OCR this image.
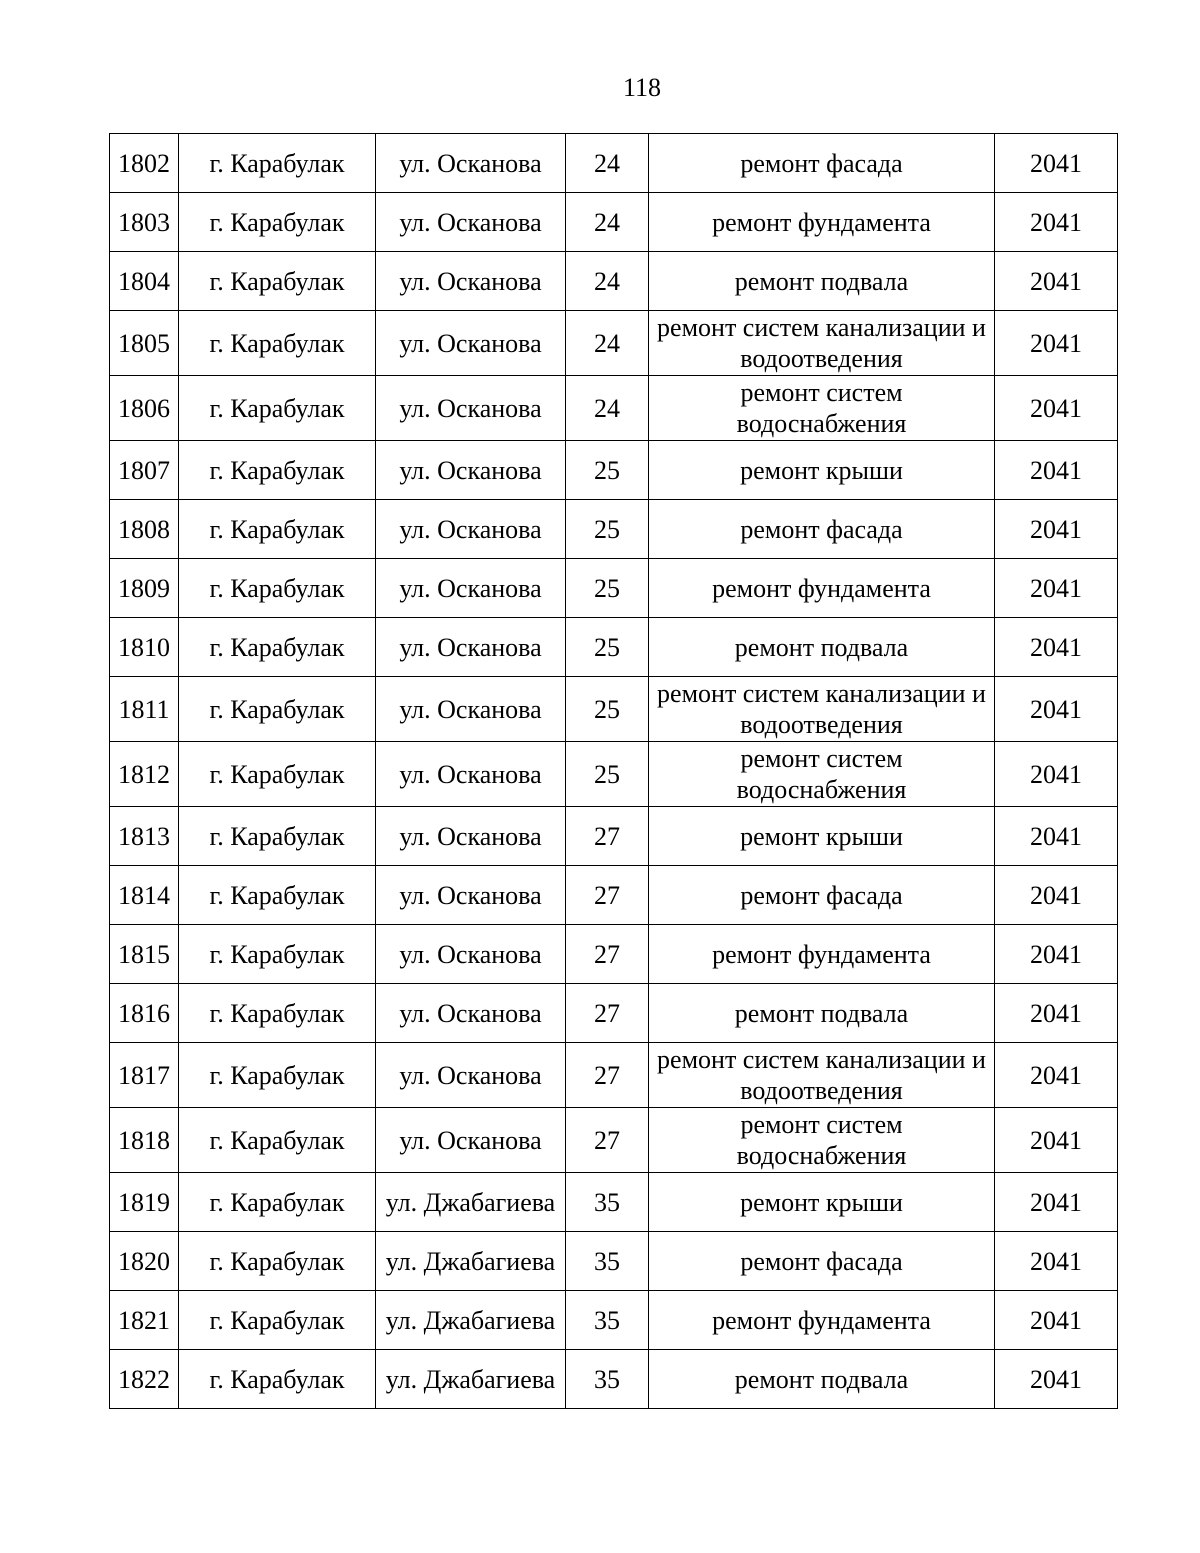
118
1802	г. Карабулак	ул. Осканова	24	ремонт фасада	2041
1803	г. Карабулак	ул. Осканова	24	ремонт фундамента	2041
1804	г. Карабулак	ул. Осканова	24	ремонт подвала	2041
1805	г. Карабулак	ул. Осканова	24	ремонт систем канализации и водоотведения	2041
1806	г. Карабулак	ул. Осканова	24	ремонт систем водоснабжения	2041
1807	г. Карабулак	ул. Осканова	25	ремонт крыши	2041
1808	г. Карабулак	ул. Осканова	25	ремонт фасада	2041
1809	г. Карабулак	ул. Осканова	25	ремонт фундамента	2041
1810	г. Карабулак	ул. Осканова	25	ремонт подвала	2041
1811	г. Карабулак	ул. Осканова	25	ремонт систем канализации и водоотведения	2041
1812	г. Карабулак	ул. Осканова	25	ремонт систем водоснабжения	2041
1813	г. Карабулак	ул. Осканова	27	ремонт крыши	2041
1814	г. Карабулак	ул. Осканова	27	ремонт фасада	2041
1815	г. Карабулак	ул. Осканова	27	ремонт фундамента	2041
1816	г. Карабулак	ул. Осканова	27	ремонт подвала	2041
1817	г. Карабулак	ул. Осканова	27	ремонт систем канализации и водоотведения	2041
1818	г. Карабулак	ул. Осканова	27	ремонт систем водоснабжения	2041
1819	г. Карабулак	ул. Джабагиева	35	ремонт крыши	2041
1820	г. Карабулак	ул. Джабагиева	35	ремонт фасада	2041
1821	г. Карабулак	ул. Джабагиева	35	ремонт фундамента	2041
1822	г. Карабулак	ул. Джабагиева	35	ремонт подвала	2041
